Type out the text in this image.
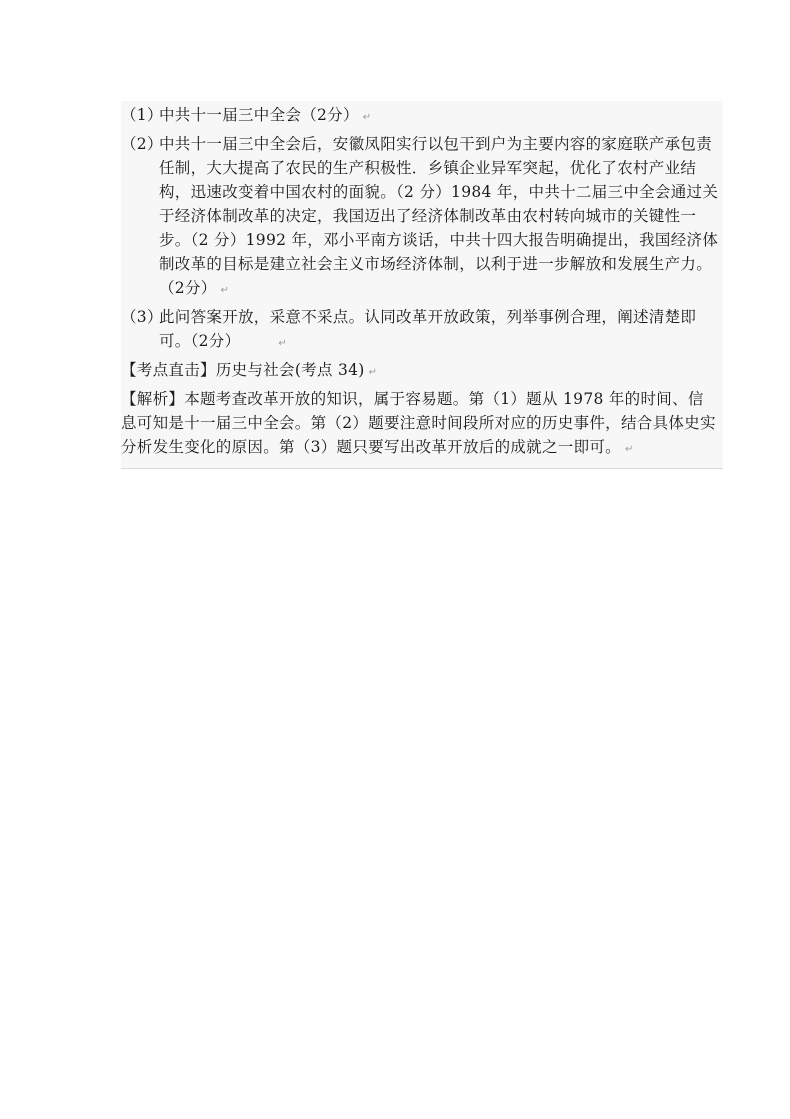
（1）中共十一届三中全会（2分） ↵

（2）中共十一届三中全会后，安徽凤阳实行以包干到户为主要内容的家庭联产承包责任制，大大提高了农民的生产积极性．乡镇企业异军突起，优化了农村产业结构，迅速改变着中国农村的面貌。（2 分）1984 年，中共十二届三中全会通过关于经济体制改革的决定，我国迈出了经济体制改革由农村转向城市的关键性一步。（2 分）1992 年，邓小平南方谈话，中共十四大报告明确提出，我国经济体制改革的目标是建立社会主义市场经济体制，以利于进一步解放和发展生产力。（2分） ↵

（3）此问答案开放，采意不采点。认同改革开放政策，列举事例合理，阐述清楚即可。（2分）	↵

【考点直击】历史与社会(考点 34) ↵

【解析】本题考查改革开放的知识，属于容易题。第（1）题从 1978 年的时间、信息可知是十一届三中全会。第（2）题要注意时间段所对应的历史事件，结合具体史实分析发生变化的原因。第（3）题只要写出改革开放后的成就之一即可。 ↵
